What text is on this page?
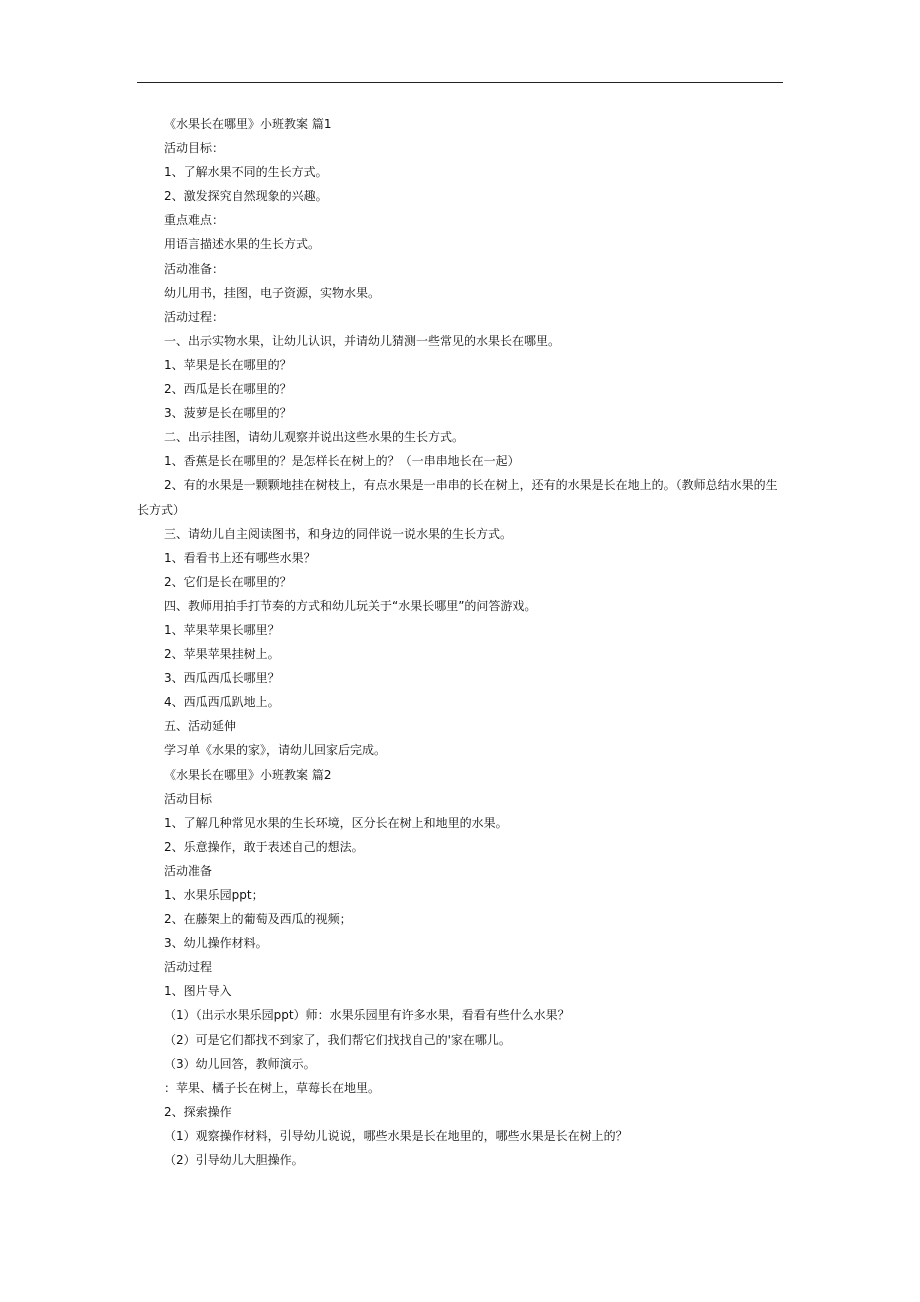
《水果长在哪里》小班教案 篇1
活动目标：
1、了解水果不同的生长方式。
2、激发探究自然现象的兴趣。
重点难点：
用语言描述水果的生长方式。
活动准备：
幼儿用书，挂图，电子资源，实物水果。
活动过程：
一、出示实物水果，让幼儿认识，并请幼儿猜测一些常见的水果长在哪里。
1、苹果是长在哪里的？
2、西瓜是长在哪里的？
3、菠萝是长在哪里的？
二、出示挂图，请幼儿观察并说出这些水果的生长方式。
1、香蕉是长在哪里的？是怎样长在树上的？（一串串地长在一起）
2、有的水果是一颗颗地挂在树枝上，有点水果是一串串的长在树上，还有的水果是长在地上的。（教师总结水果的生长方式）
三、请幼儿自主阅读图书，和身边的同伴说一说水果的生长方式。
1、看看书上还有哪些水果？
2、它们是长在哪里的？
四、教师用拍手打节奏的方式和幼儿玩关于“水果长哪里”的问答游戏。
1、苹果苹果长哪里？
2、苹果苹果挂树上。
3、西瓜西瓜长哪里？
4、西瓜西瓜趴地上。
五、活动延伸
学习单《水果的家》，请幼儿回家后完成。
《水果长在哪里》小班教案 篇2
活动目标
1、了解几种常见水果的生长环境，区分长在树上和地里的水果。
2、乐意操作，敢于表述自己的想法。
活动准备
1、水果乐园ppt；
2、在藤架上的葡萄及西瓜的视频；
3、幼儿操作材料。
活动过程
1、图片导入
（1）（出示水果乐园ppt）师：水果乐园里有许多水果，看看有些什么水果？
（2）可是它们都找不到家了，我们帮它们找找自己的'家在哪儿。
（3）幼儿回答，教师演示。
：苹果、橘子长在树上，草莓长在地里。
2、探索操作
（1）观察操作材料，引导幼儿说说，哪些水果是长在地里的，哪些水果是长在树上的？
（2）引导幼儿大胆操作。
